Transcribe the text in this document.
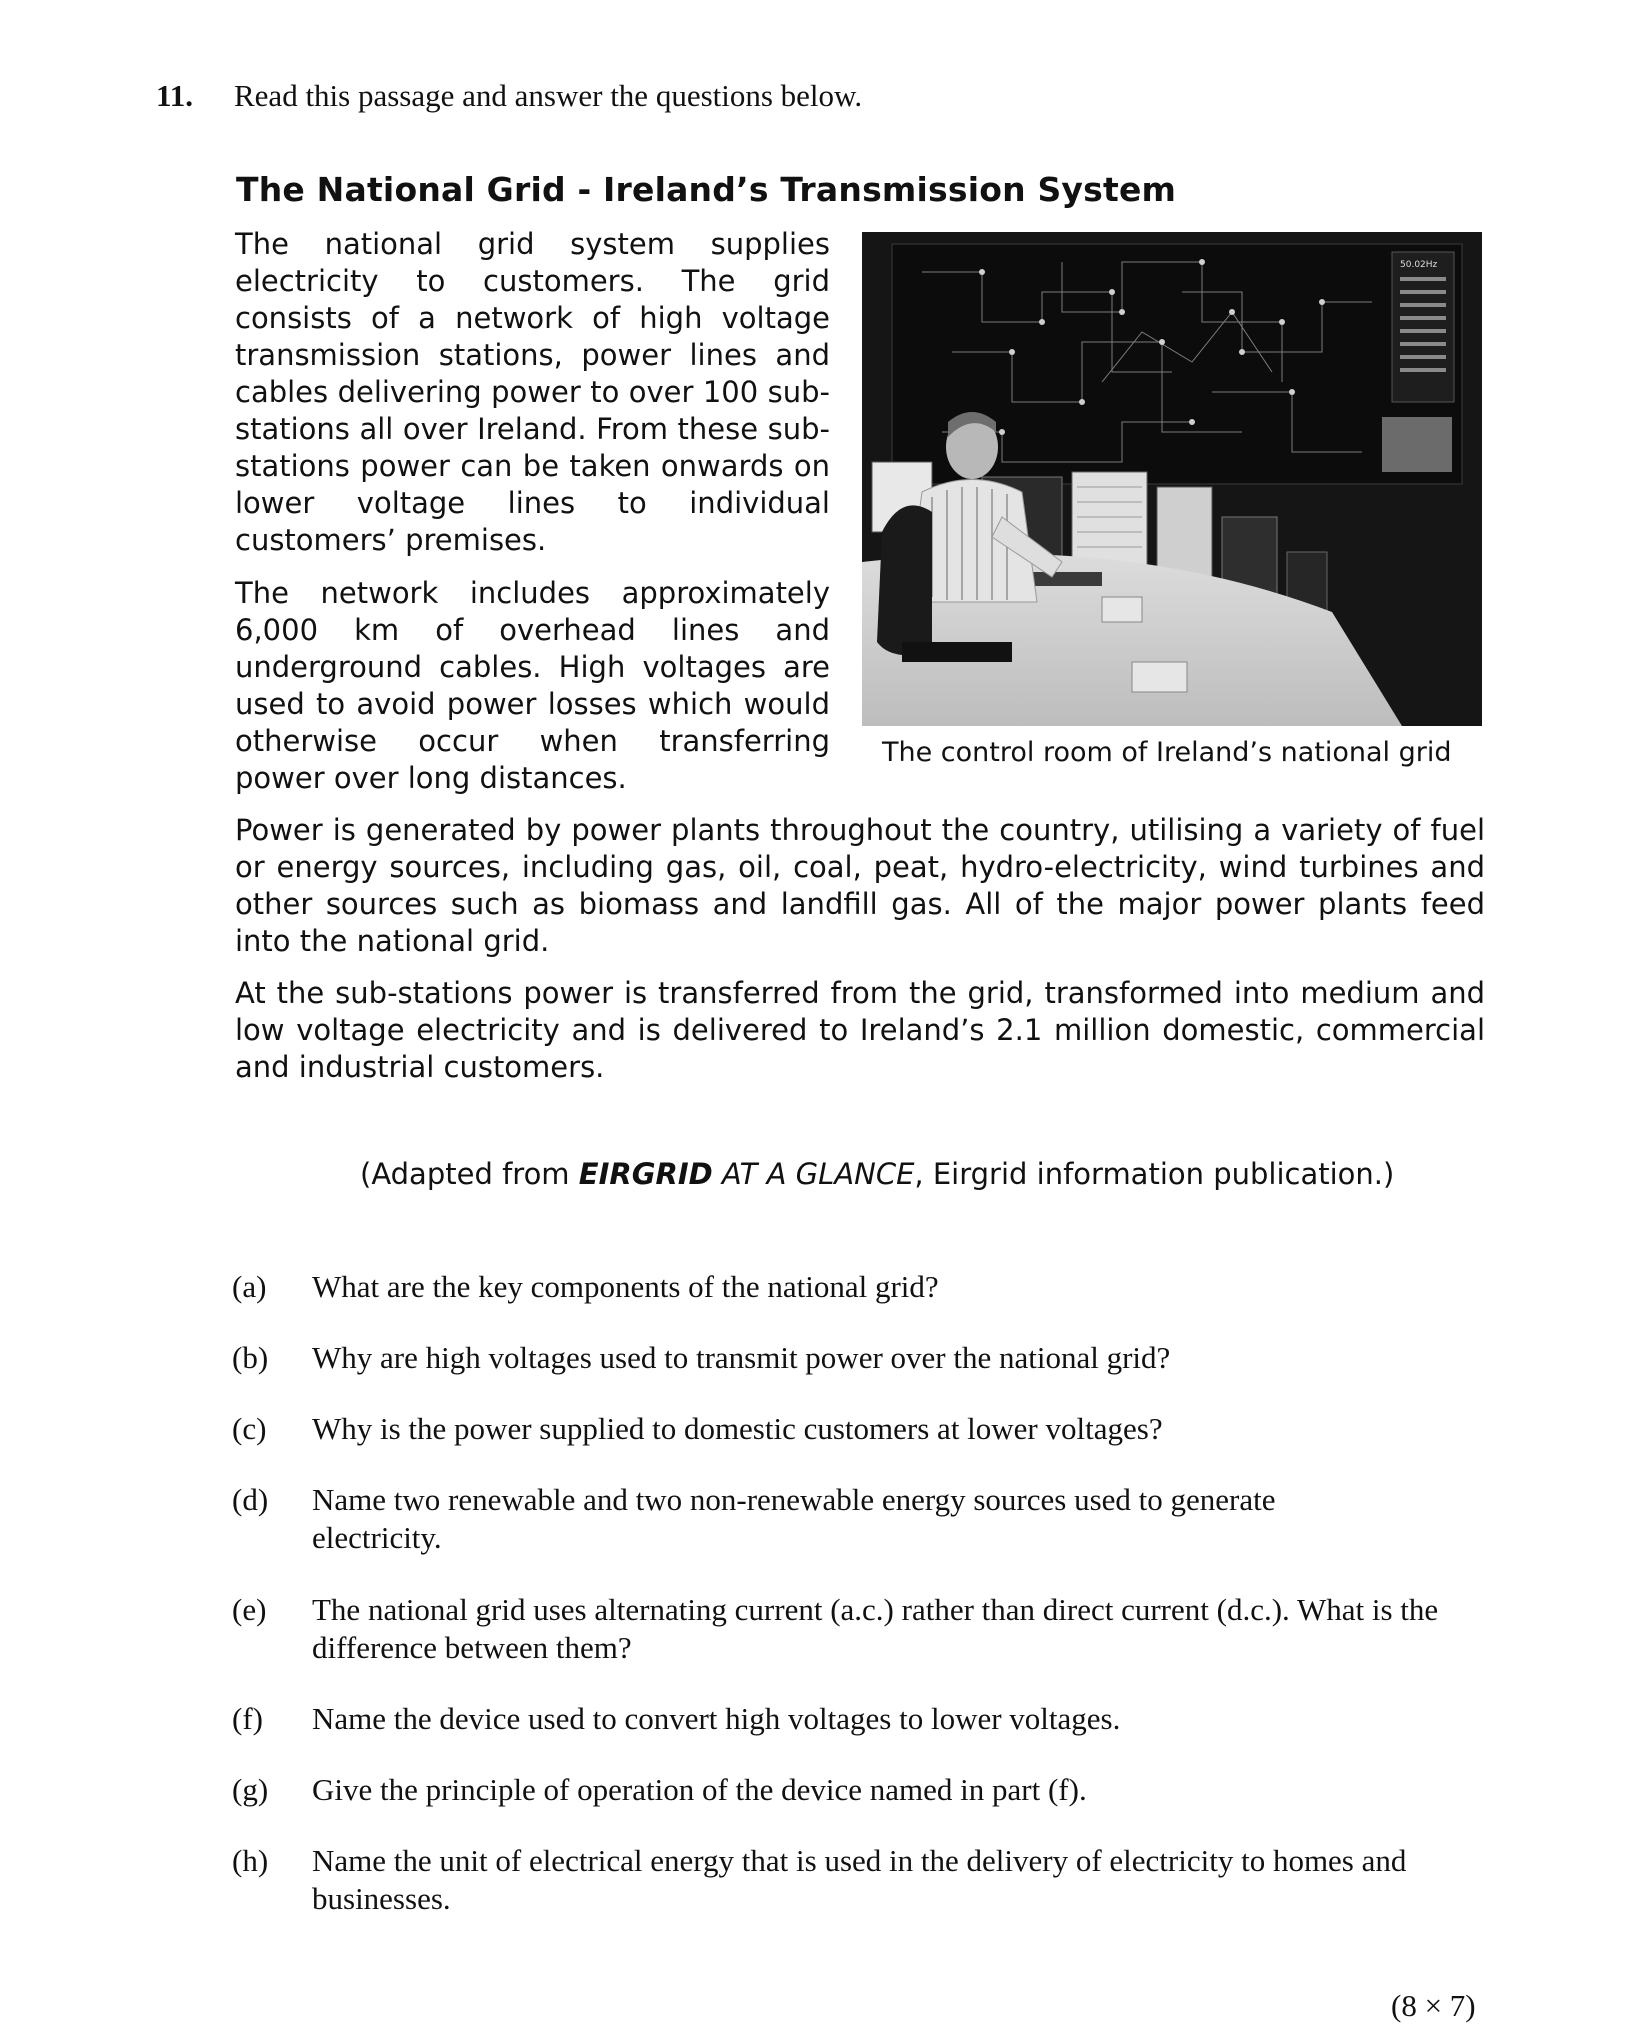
11. Read this passage and answer the questions below.
The National Grid - Ireland’s Transmission System
The national grid system supplies electricity to customers. The grid consists of a network of high voltage transmission stations, power lines and cables delivering power to over 100 sub-stations all over Ireland. From these sub-stations power can be taken onwards on lower voltage lines to individual customers’ premises.
The network includes approximately 6,000 km of overhead lines and underground cables. High voltages are used to avoid power losses which would otherwise occur when transferring power over long distances.
50.02Hz
The control room of Ireland’s national grid
Power is generated by power plants throughout the country, utilising a variety of fuel or energy sources, including gas, oil, coal, peat, hydro-electricity, wind turbines and other sources such as biomass and landfill gas. All of the major power plants feed into the national grid.
At the sub-stations power is transferred from the grid, transformed into medium and low voltage electricity and is delivered to Ireland’s 2.1 million domestic, commercial and industrial customers.
(Adapted from EIRGRID AT A GLANCE, Eirgrid information publication.)
(a)	What are the key components of the national grid?
(b)	Why are high voltages used to transmit power over the national grid?
(c)	Why is the power supplied to domestic customers at lower voltages?
(d)	Name two renewable and two non-renewable energy sources used to generate electricity.
(e)	The national grid uses alternating current (a.c.) rather than direct current (d.c.). What is the difference between them?
(f)	Name the device used to convert high voltages to lower voltages.
(g)	Give the principle of operation of the device named in part (f).
(h)	Name the unit of electrical energy that is used in the delivery of electricity to homes and businesses.
(8 × 7)
